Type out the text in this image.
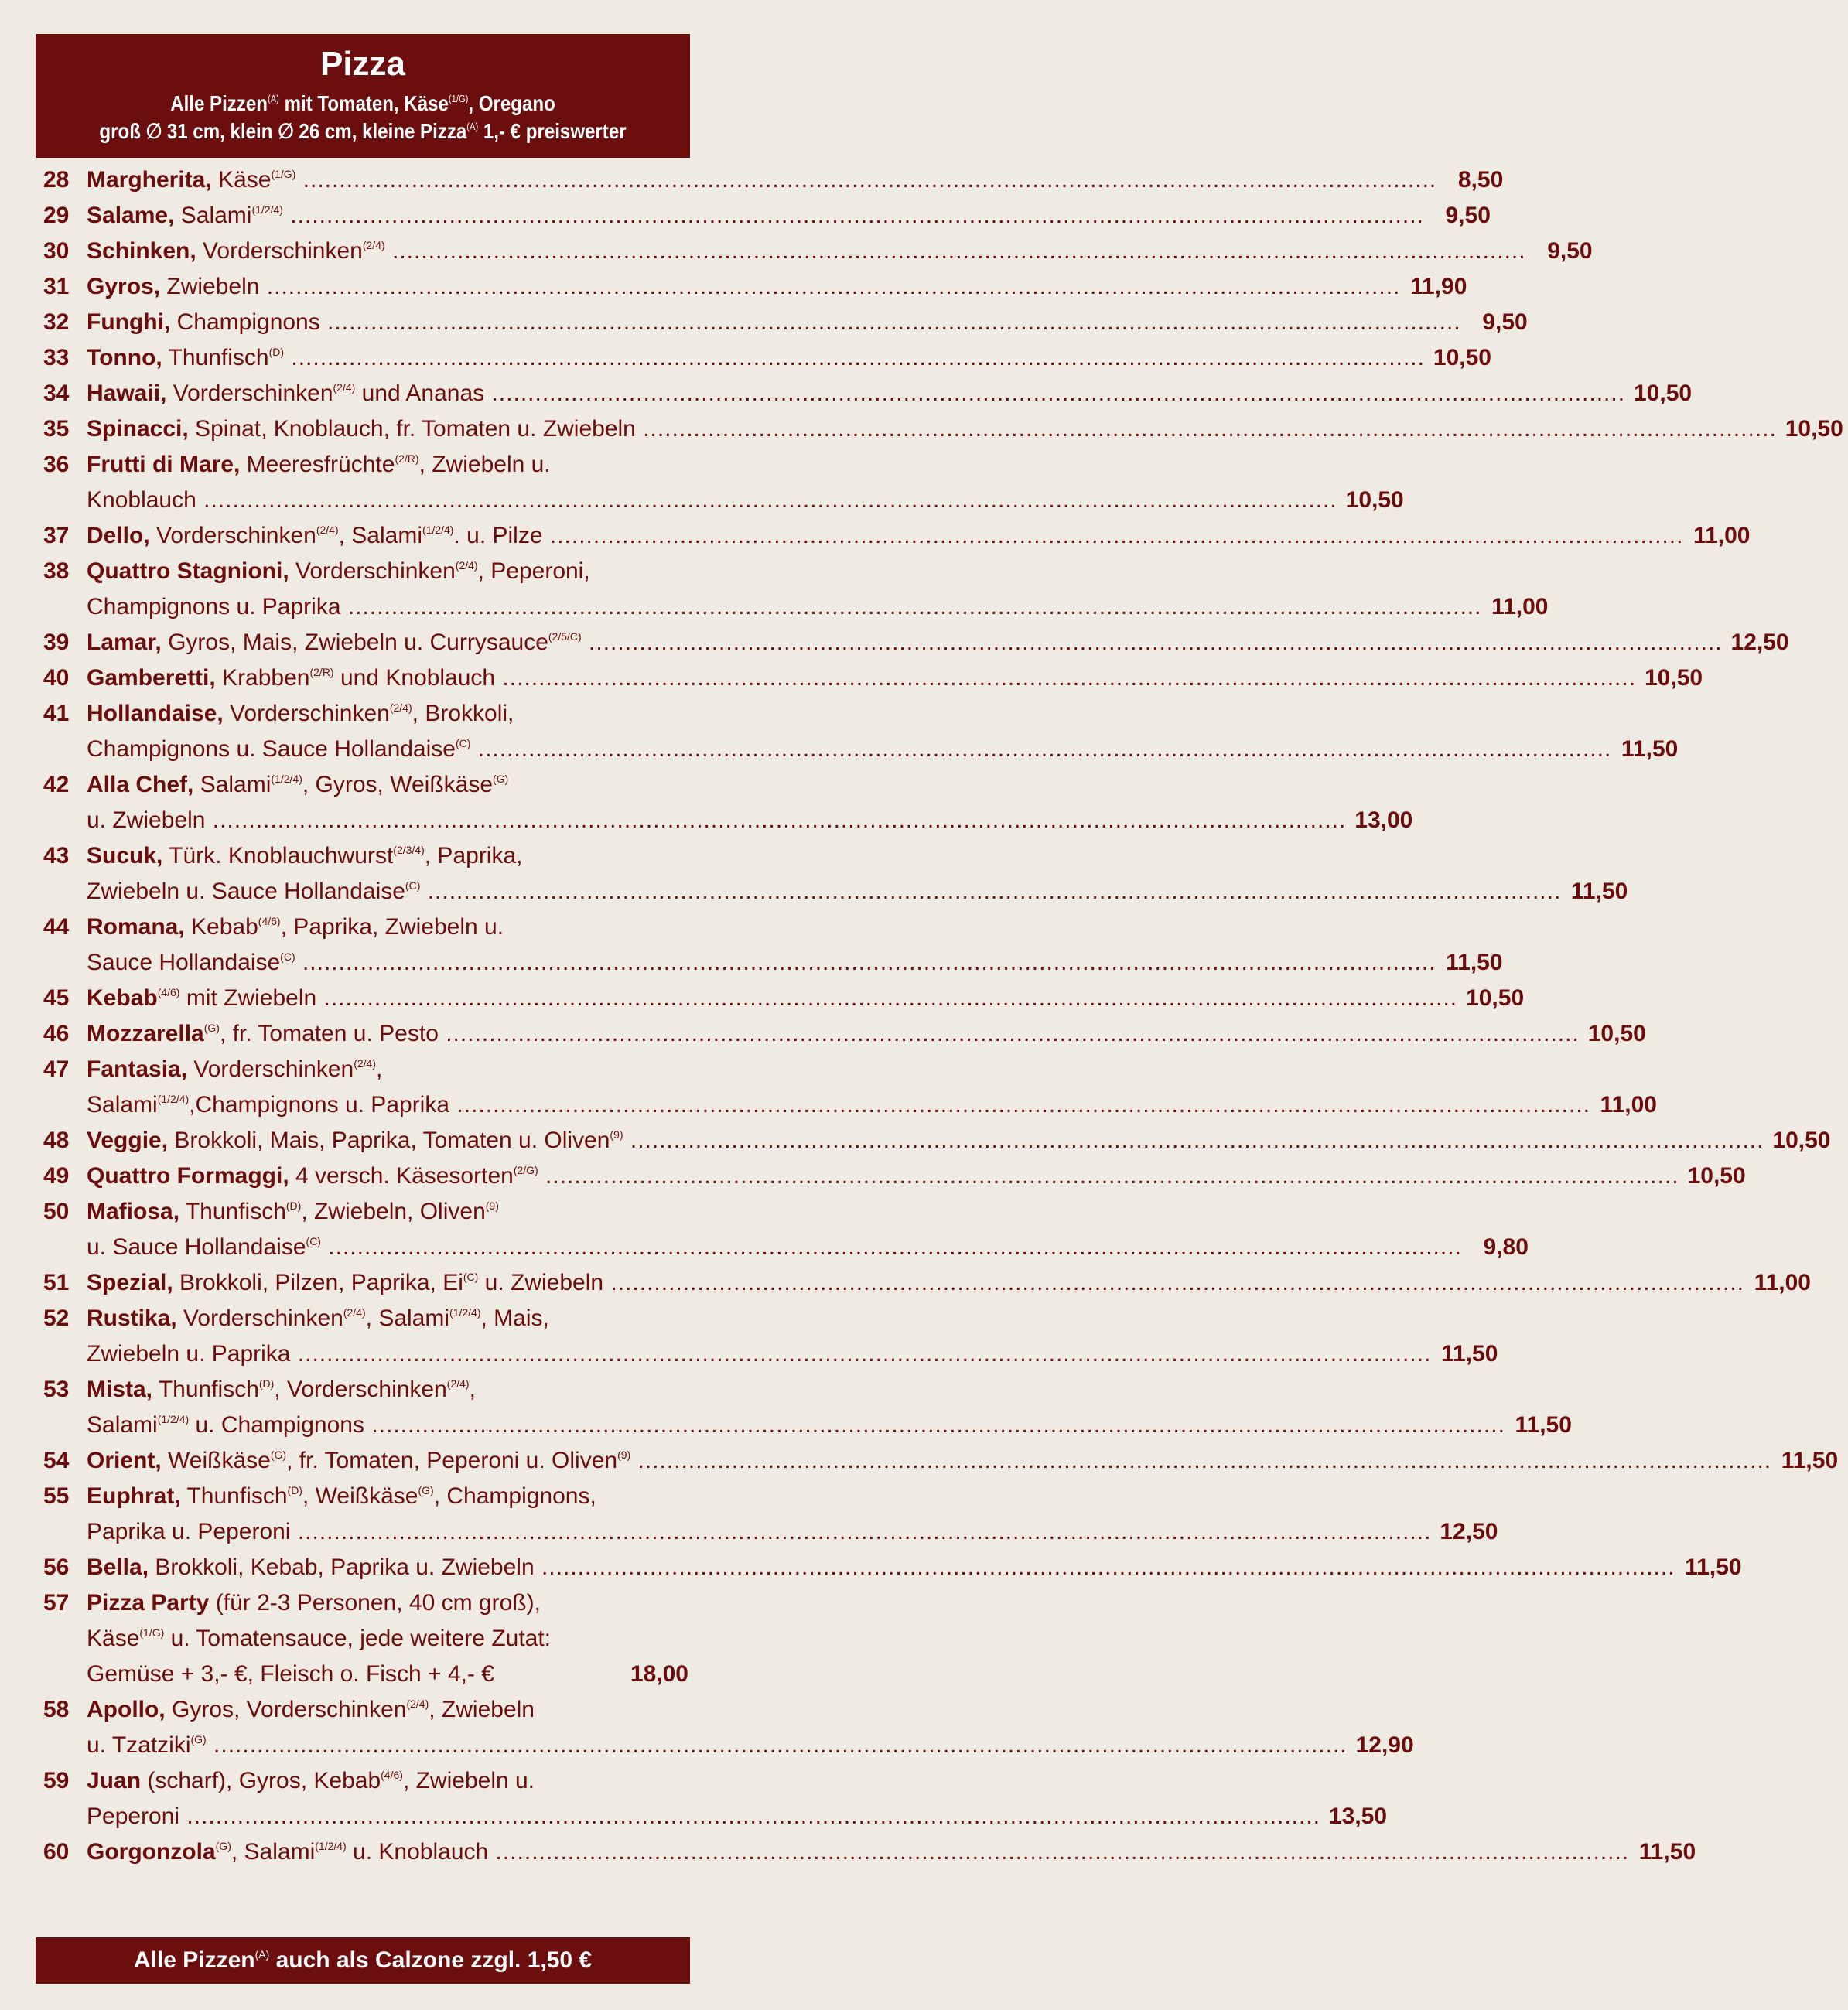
Pizza
Alle Pizzen$^{(A)}$ mit Tomaten, Käse$^{(1/G)}$, Oregano
groß ∅ 31 cm, klein ∅ 26 cm, kleine Pizza$^{(A)}$ 1,- € preiswerter
28 Margherita, Käse$^{(1/G)}$ .....	8,50
29 Salame, Salami$^{(1/2/4)}$ .....	9,50
30 Schinken, Vorderschinken$^{(2/4)}$ .....	9,50
31 Gyros, Zwiebeln .....	11,90
32 Funghi, Champignons .....	9,50
33 Tonno, Thunfisch$^{(D)}$ .....	10,50
34 Hawaii, Vorderschinken$^{(2/4)}$ und Ananas .....	10,50
35 Spinacci, Spinat, Knoblauch, fr. Tomaten u. Zwiebeln .....	10,50
36 Frutti di Mare, Meeresfrüchte$^{(2/R)}$, Zwiebeln u.
Knoblauch .....	10,50
37 Dello, Vorderschinken$^{(2/4)}$, Salami$^{(1/2/4)}$. u. Pilze .....	11,00
38 Quattro Stagnioni, Vorderschinken$^{(2/4)}$, Peperoni,
Champignons u. Paprika .....	11,00
39 Lamar, Gyros, Mais, Zwiebeln u. Currysauce$^{(2/5/C)}$ .....	12,50
40 Gamberetti, Krabben$^{(2/R)}$ und Knoblauch .....	10,50
41 Hollandaise, Vorderschinken$^{(2/4)}$, Brokkoli,
Champignons u. Sauce Hollandaise$^{(C)}$ .....	11,50
42 Alla Chef, Salami$^{(1/2/4)}$, Gyros, Weißkäse$^{(G)}$
u. Zwiebeln .....	13,00
43 Sucuk, Türk. Knoblauchwurst$^{(2/3/4)}$, Paprika,
Zwiebeln u. Sauce Hollandaise$^{(C)}$ .....	11,50
44 Romana, Kebab$^{(4/6)}$, Paprika, Zwiebeln u.
Sauce Hollandaise$^{(C)}$ .....	11,50
45 Kebab$^{(4/6)}$ mit Zwiebeln .....	10,50
46 Mozzarella$^{(G)}$, fr. Tomaten u. Pesto .....	10,50
47 Fantasia, Vorderschinken$^{(2/4)}$,
Salami$^{(1/2/4)}$,Champignons u. Paprika .....	11,00
48 Veggie, Brokkoli, Mais, Paprika, Tomaten u. Oliven$^{(9)}$ .....	10,50
49 Quattro Formaggi, 4 versch. Käsesorten$^{(2/G)}$ .....	10,50
50 Mafiosa, Thunfisch$^{(D)}$, Zwiebeln, Oliven$^{(9)}$
u. Sauce Hollandaise$^{(C)}$ .....	9,80
51 Spezial, Brokkoli, Pilzen, Paprika, $Ei^{(C)}$ u. Zwiebeln .....	11,00
52 Rustika, Vorderschinken$^{(2/4)}$, Salami$^{(1/2/4)}$, Mais,
Zwiebeln u. Paprika .....	11,50
53 Mista, Thunfisch$^{(D)}$, Vorderschinken$^{(2/4)}$,
Salami$^{(1/2/4)}$ u. Champignons .....	11,50
54 Orient, Weißkäse$^{(G)}$, fr. Tomaten, Peperoni u. Oliven$^{(9)}$ .....	11,50
55 Euphrat, Thunfisch$^{(D)}$, Weißkäse$^{(G)}$, Champignons,
Paprika u. Peperoni .....	12,50
56 Bella, Brokkoli, Kebab, Paprika u. Zwiebeln .....	11,50
57 Pizza Party (für 2-3 Personen, 40 cm groß),
Käse$^{(1/G)}$ u. Tomatensauce, jede weitere Zutat:
Gemüse + 3,- €, Fleisch o. Fisch + 4,- €	18,00
58 Apollo, Gyros, Vorderschinken$^{(2/4)}$, Zwiebeln
u. Tzatziki$^{(G)}$ .....	12,90
59 Juan (scharf), Gyros, Kebab$^{(4/6)}$, Zwiebeln u.
Peperoni .....	13,50
60 Gorgonzola$^{(G)}$, Salami$^{(1/2/4)}$ u. Knoblauch .....	11,50
Alle Pizzen$^{(A)}$ auch als Calzone zzgl. 1,50 €
